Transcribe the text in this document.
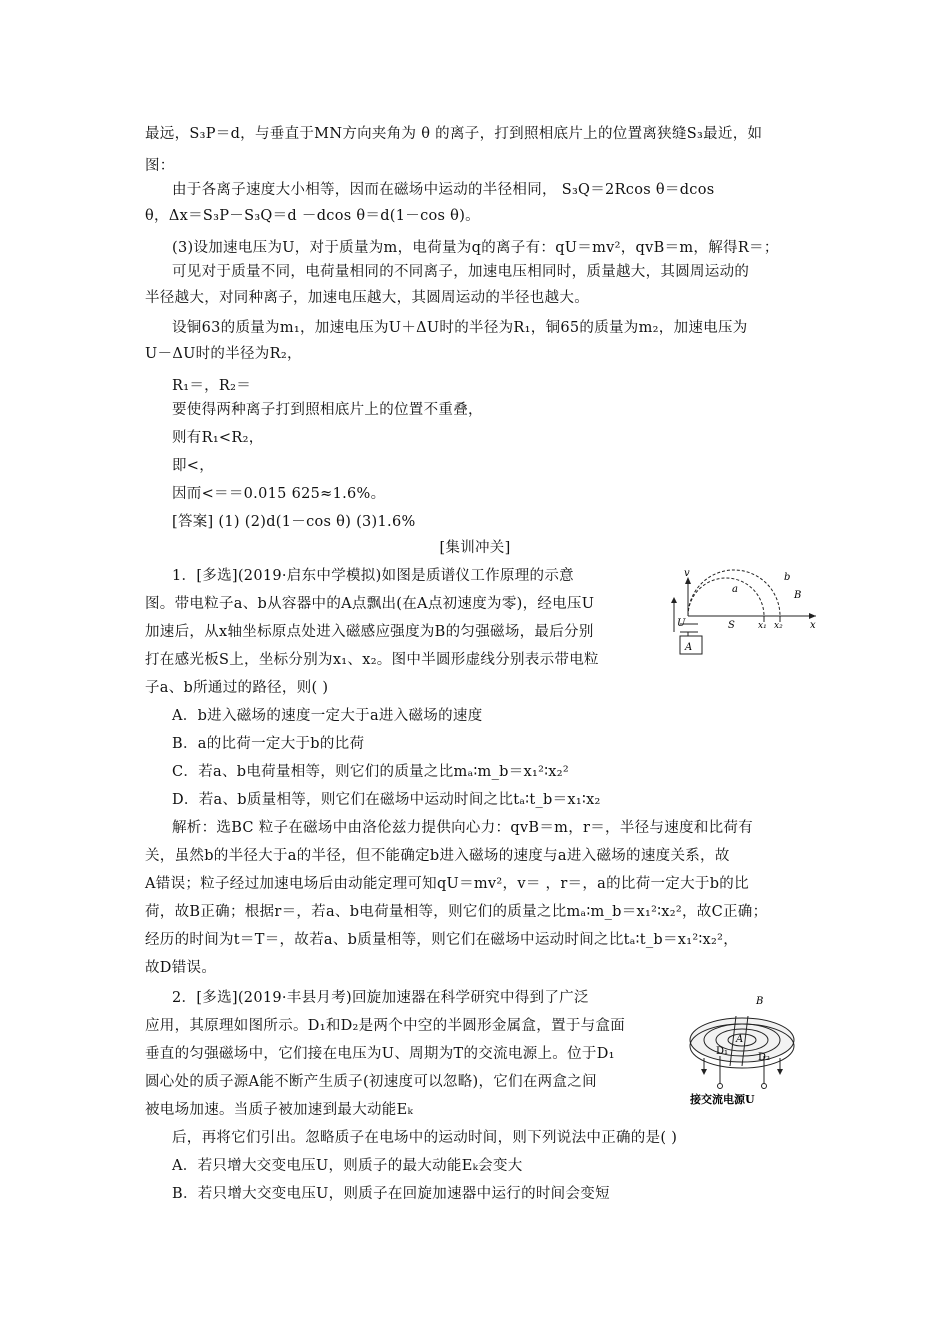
最远，S₃P＝d，与垂直于MN方向夹角为 θ 的离子，打到照相底片上的位置离狭缝S₃最近，如
图：
由于各离子速度大小相等，因而在磁场中运动的半径相同， S₃Q＝2Rcos θ＝dcos
θ，Δx＝S₃P－S₃Q＝d －dcos θ＝d(1－cos θ)。
(3)设加速电压为U，对于质量为m，电荷量为q的离子有：qU＝mv²，qvB＝m，解得R＝；
可见对于质量不同，电荷量相同的不同离子，加速电压相同时，质量越大，其圆周运动的
半径越大，对同种离子，加速电压越大，其圆周运动的半径也越大。
设铜63的质量为m₁，加速电压为U＋ΔU时的半径为R₁，铜65的质量为m₂，加速电压为
U－ΔU时的半径为R₂，
R₁＝，R₂＝
要使得两种离子打到照相底片上的位置不重叠，
则有R₁<R₂，
即<，
因而<＝＝0.015 625≈1.6%。
[答案] (1) (2)d(1－cos θ) (3)1.6%
[集训冲关]
1．[多选](2019·启东中学模拟)如图是质谱仪工作原理的示意
图。带电粒子a、b从容器中的A点飘出(在A点初速度为零)，经电压U
加速后，从x轴坐标原点处进入磁感应强度为B的匀强磁场，最后分别
打在感光板S上，坐标分别为x₁、x₂。图中半圆形虚线分别表示带电粒
子a、b所通过的路径，则( )
A．b进入磁场的速度一定大于a进入磁场的速度
B．a的比荷一定大于b的比荷
C．若a、b电荷量相等，则它们的质量之比mₐ∶m_b＝x₁²∶x₂²
D．若a、b质量相等，则它们在磁场中运动时间之比tₐ∶t_b＝x₁∶x₂
解析：选BC 粒子在磁场中由洛伦兹力提供向心力：qvB＝m，r＝，半径与速度和比荷有
关，虽然b的半径大于a的半径，但不能确定b进入磁场的速度与a进入磁场的速度关系，故
A错误；粒子经过加速电场后由动能定理可知qU＝mv²，v＝ ，r＝，a的比荷一定大于b的比
荷，故B正确；根据r＝，若a、b电荷量相等，则它们的质量之比mₐ∶m_b＝x₁²∶x₂²，故C正确；
经历的时间为t＝T＝，故若a、b质量相等，则它们在磁场中运动时间之比tₐ∶t_b＝x₁²∶x₂²，
故D错误。
2．[多选](2019·丰县月考)回旋加速器在科学研究中得到了广泛
应用，其原理如图所示。D₁和D₂是两个中空的半圆形金属盒，置于与盒面
垂直的匀强磁场中，它们接在电压为U、周期为T的交流电源上。位于D₁
圆心处的质子源A能不断产生质子(初速度可以忽略)，它们在两盒之间
被电场加速。当质子被加速到最大动能Eₖ
后，再将它们引出。忽略质子在电场中的运动时间，则下列说法中正确的是( )
A．若只增大交变电压U，则质子的最大动能Eₖ会变大
B．若只增大交变电压U，则质子在回旋加速器中运行的时间会变短
v
a
b
B
U	S	x₁ x₂	x
A
B
A
D₁
D₂
接交流电源U
